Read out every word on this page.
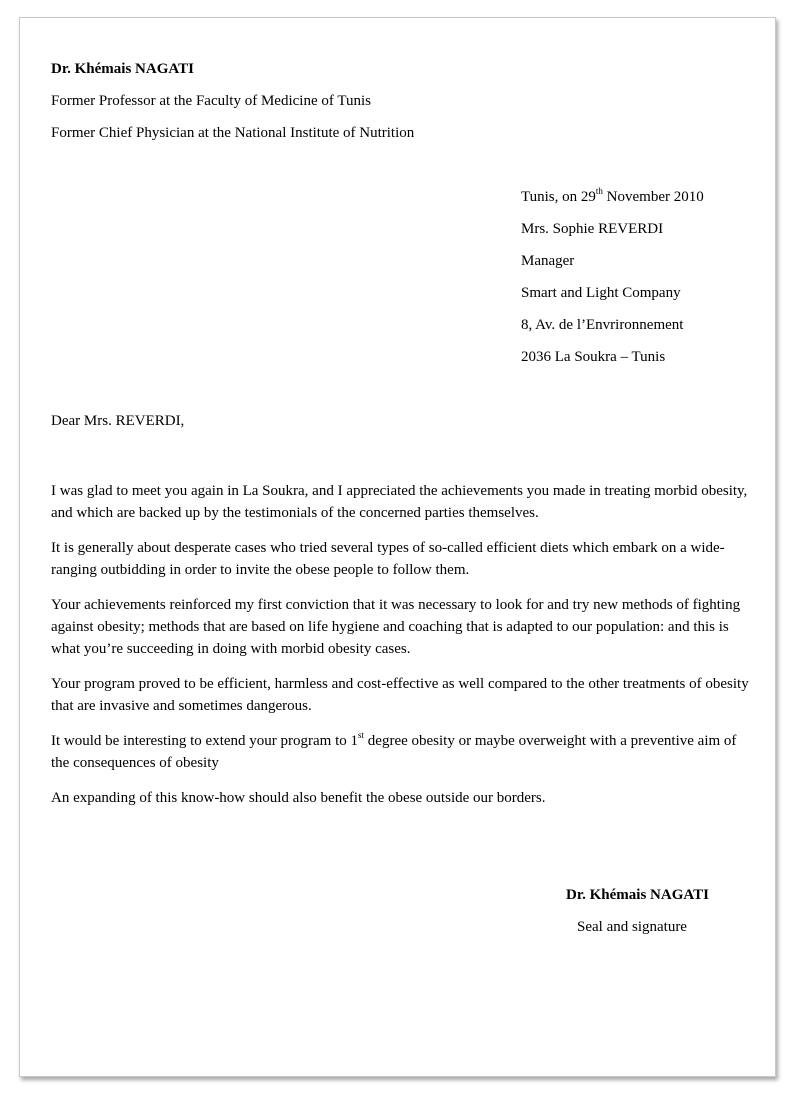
Dr. Khémais NAGATI
Former Professor at the Faculty of Medicine of Tunis
Former Chief Physician at the National Institute of Nutrition
Tunis, on 29th November 2010
Mrs. Sophie REVERDI
Manager
Smart and Light Company
8, Av. de l’Envrironnement
2036 La Soukra – Tunis
Dear Mrs. REVERDI,
I was glad to meet you again in La Soukra, and I appreciated the achievements you made in treating morbid obesity, and which are backed up by the testimonials of the concerned parties themselves.
It is generally about desperate cases who tried several types of so-called efficient diets which embark on a wide-ranging outbidding in order to invite the obese people to follow them.
Your achievements reinforced my first conviction that it was necessary to look for and try new methods of fighting against obesity; methods that are based on life hygiene and coaching that is adapted to our population: and this is what you’re succeeding in doing with morbid obesity cases.
Your program proved to be efficient, harmless and cost-effective as well compared to the other treatments of obesity that are invasive and sometimes dangerous.
It would be interesting to extend your program to 1st degree obesity or maybe overweight with a preventive aim of the consequences of obesity
An expanding of this know-how should also benefit the obese outside our borders.
Dr. Khémais NAGATI
Seal and signature
